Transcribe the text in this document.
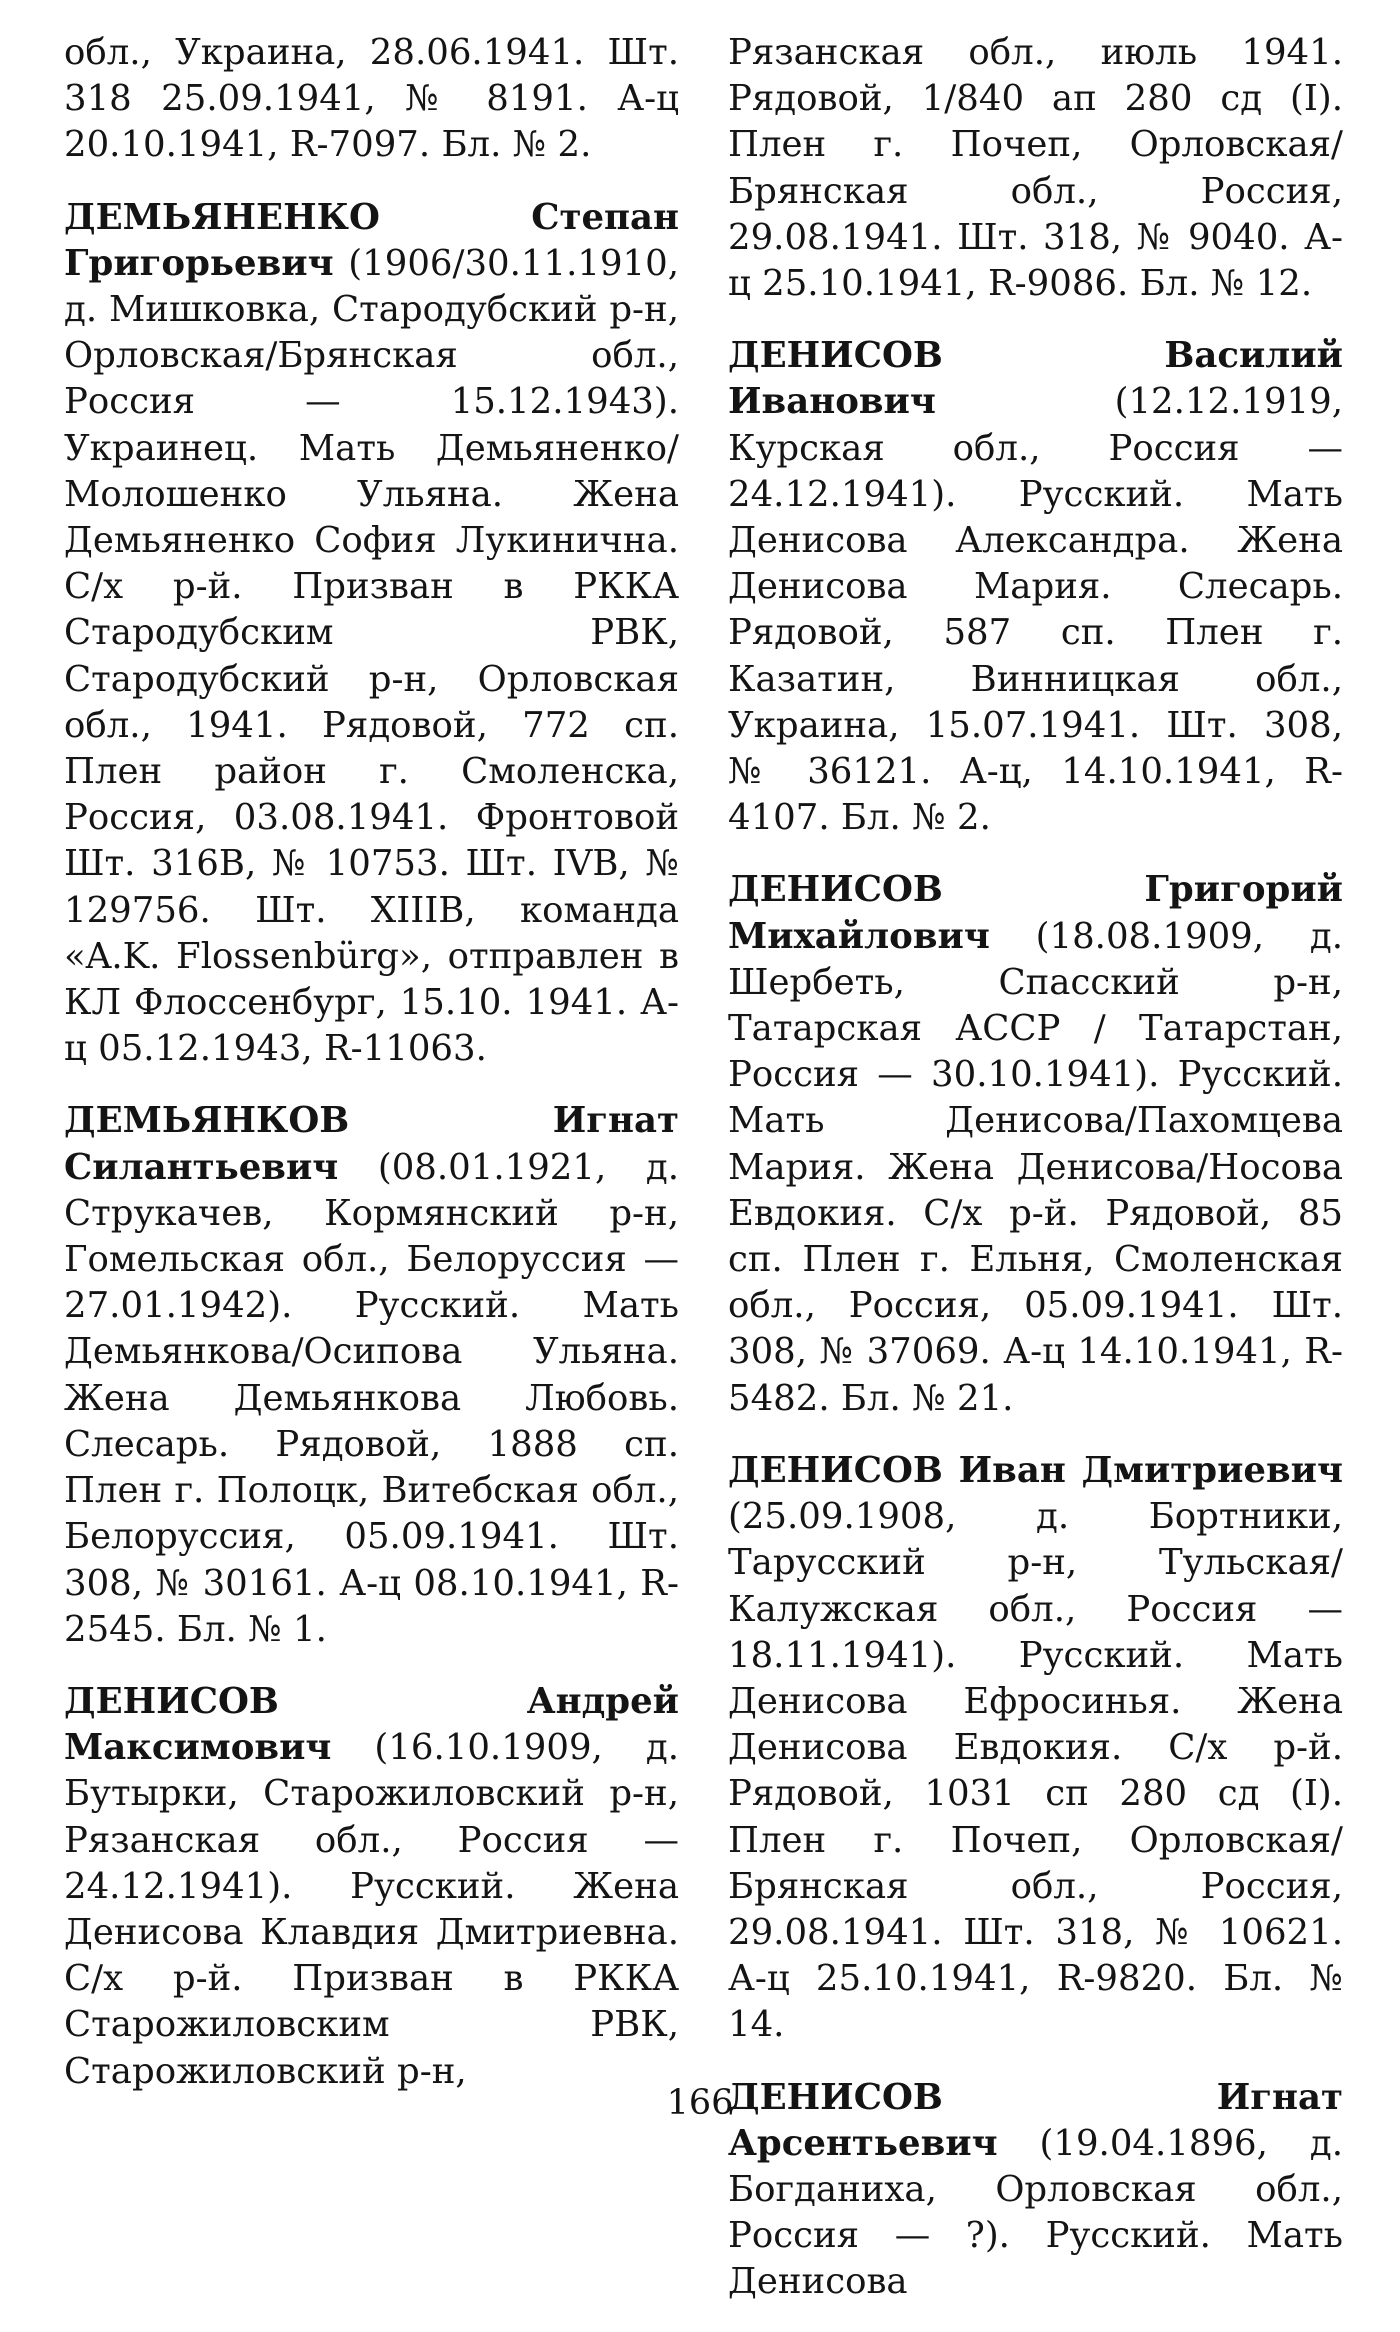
обл., Украина, 28.06.1941. Шт. 318 25.09.1941, № 8191. А-ц 20.10.1941, R-7097. Бл. № 2.

ДЕМЬЯНЕНКО Степан Григорьевич (1906/30.11.1910, д. Мишковка, Стародубский р-н, Орловская/Брянская обл., Россия — 15.12.1943). Украинец. Мать Демьяненко/Молошенко Ульяна. Жена Демьяненко София Лукинична. С/х р-й. Призван в РККА Стародубским РВК, Стародубский р-н, Орловская обл., 1941. Рядовой, 772 сп. Плен район г. Смоленска, Россия, 03.08.1941. Фронтовой Шт. 316B, № 10753. Шт. IVB, № 129756. Шт. XIIIB, команда «A.K. Flossenbürg», отправлен в КЛ Флоссенбург, 15.10. 1941. А-ц 05.12.1943, R-11063.

ДЕМЬЯНКОВ Игнат Силантьевич (08.01.1921, д. Струкачев, Кормянский р-н, Гомельская обл., Белоруссия — 27.01.1942). Русский. Мать Демьянкова/Осипова Ульяна. Жена Демьянкова Любовь. Слесарь. Рядовой, 1888 сп. Плен г. Полоцк, Витебская обл., Белоруссия, 05.09.1941. Шт. 308, № 30161. А-ц 08.10.1941, R-2545. Бл. № 1.

ДЕНИСОВ Андрей Максимович (16.10.1909, д. Бутырки, Старожиловский р-н, Рязанская обл., Россия — 24.12.1941). Русский. Жена Денисова Клавдия Дмитриевна. С/х р-й. Призван в РККА Старожиловским РВК, Старожиловский р-н,

Рязанская обл., июль 1941. Рядовой, 1/840 ап 280 сд (I). Плен г. Почеп, Орловская/Брянская обл., Россия, 29.08.1941. Шт. 318, № 9040. А-ц 25.10.1941, R-9086. Бл. № 12.

ДЕНИСОВ Василий Иванович (12.12.1919, Курская обл., Россия — 24.12.1941). Русский. Мать Денисова Александра. Жена Денисова Мария. Слесарь. Рядовой, 587 сп. Плен г. Казатин, Винницкая обл., Украина, 15.07.1941. Шт. 308, № 36121. А-ц, 14.10.1941, R-4107. Бл. № 2.

ДЕНИСОВ Григорий Михайлович (18.08.1909, д. Шербеть, Спасский р-н, Татарская АССР / Татарстан, Россия — 30.10.1941). Русский. Мать Денисова/Пахомцева Мария. Жена Денисова/Носова Евдокия. С/х р-й. Рядовой, 85 сп. Плен г. Ельня, Смоленская обл., Россия, 05.09.1941. Шт. 308, № 37069. А-ц 14.10.1941, R-5482. Бл. № 21.

ДЕНИСОВ Иван Дмитриевич (25.09.1908, д. Бортники, Тарусский р-н, Тульская/Калужская обл., Россия — 18.11.1941). Русский. Мать Денисова Ефросинья. Жена Денисова Евдокия. С/х р-й. Рядовой, 1031 сп 280 сд (I). Плен г. Почеп, Орловская/Брянская обл., Россия, 29.08.1941. Шт. 318, № 10621. А-ц 25.10.1941, R-9820. Бл. № 14.

ДЕНИСОВ Игнат Арсентьевич (19.04.1896, д. Богданиха, Орловская обл., Россия — ?). Русский. Мать Денисова

166
